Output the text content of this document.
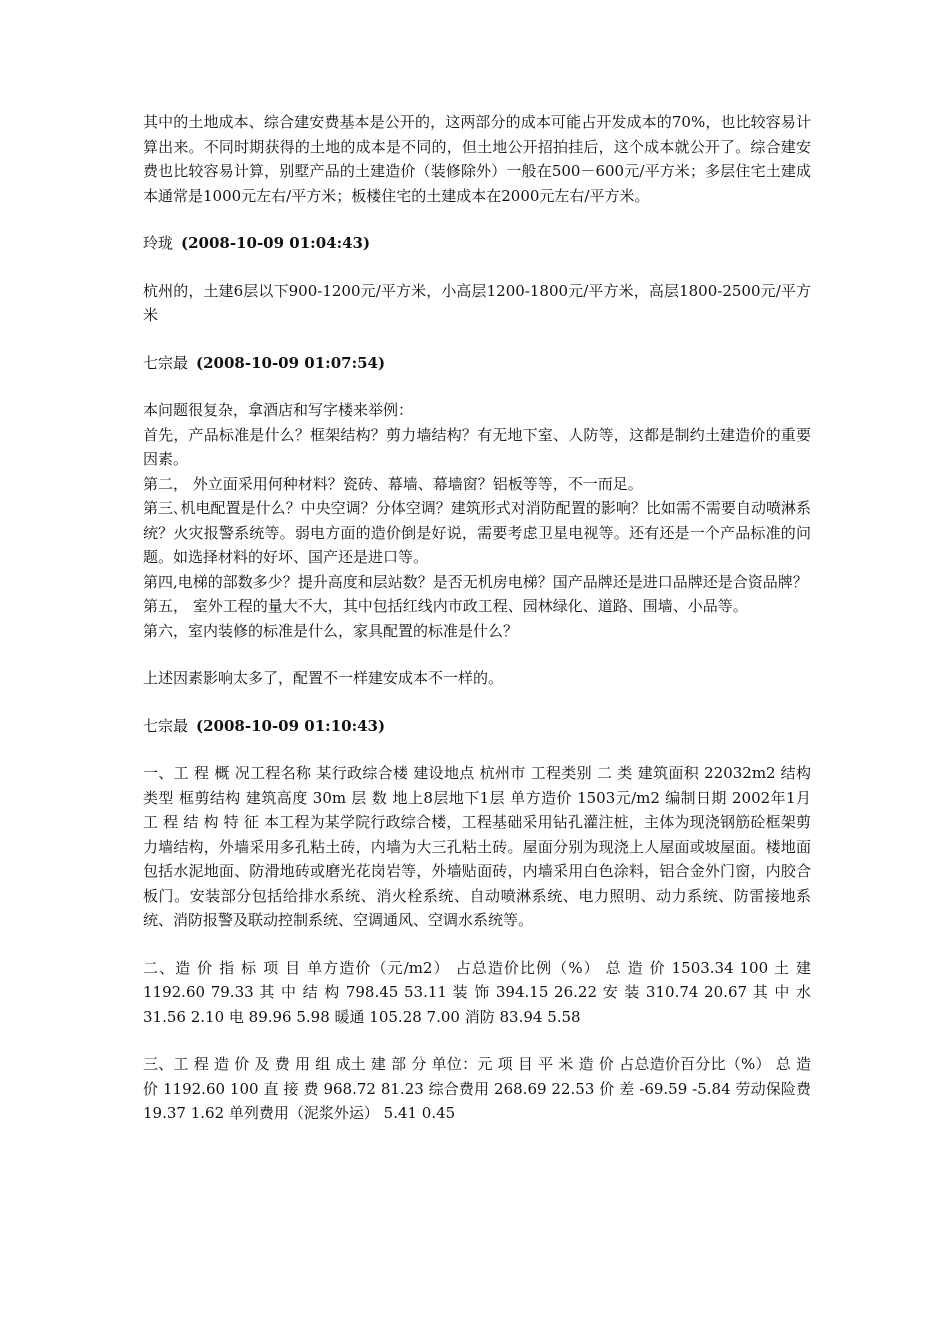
其中的土地成本、综合建安费基本是公开的，这两部分的成本可能占开发成本的70%，也比较容易计算出来。不同时期获得的土地的成本是不同的，但土地公开招拍挂后，这个成本就公开了。综合建安费也比较容易计算，别墅产品的土建造价（装修除外）一般在500－600元/平方米；多层住宅土建成本通常是1000元左右/平方米；板楼住宅的土建成本在2000元左右/平方米。

玲珑 (2008-10-09 01:04:43)

杭州的，土建6层以下900-1200元/平方米，小高层1200-1800元/平方米，高层1800-2500元/平方米

七宗最 (2008-10-09 01:07:54)

本问题很复杂，拿酒店和写字楼来举例：

首先，产品标准是什么？框架结构？剪力墙结构？有无地下室、人防等，这都是制约土建造价的重要因素。

第二， 外立面采用何种材料？瓷砖、幕墙、幕墙窗？铝板等等，不一而足。

第三､机电配置是什么？中央空调？分体空调？建筑形式对消防配置的影响？比如需不需要自动喷淋系统？火灾报警系统等。弱电方面的造价倒是好说，需要考虑卫星电视等。还有还是一个产品标准的问题。如选择材料的好坏、国产还是进口等。

第四,电梯的部数多少？提升高度和层站数？是否无机房电梯？国产品牌还是进口品牌还是合资品牌？

第五， 室外工程的量大不大，其中包括红线内市政工程、园林绿化、道路、围墙、小品等。

第六，室内装修的标准是什么，家具配置的标准是什么？

上述因素影响太多了，配置不一样建安成本不一样的。

七宗最 (2008-10-09 01:10:43)

一、工 程 概 况工程名称 某行政综合楼 建设地点 杭州市 工程类别 二 类 建筑面积 22032m2 结构类型 框剪结构 建筑高度 30m 层 数 地上8层地下1层 单方造价 1503元/m2 编制日期 2002年1月 工 程 结 构 特 征 本工程为某学院行政综合楼，工程基础采用钻孔灌注桩，主体为现浇钢筋砼框架剪力墙结构，外墙采用多孔粘土砖，内墙为大三孔粘土砖。屋面分别为现浇上人屋面或坡屋面。楼地面包括水泥地面、防滑地砖或磨光花岗岩等，外墙贴面砖，内墙采用白色涂料，铝合金外门窗，内胶合板门。安装部分包括给排水系统、消火栓系统、自动喷淋系统、电力照明、动力系统、防雷接地系统、消防报警及联动控制系统、空调通风、空调水系统等。

二、造 价 指 标 项 目 单方造价（元/m2） 占总造价比例（%） 总 造 价 1503.34 100 土 建 1192.60 79.33 其 中 结 构 798.45 53.11 装 饰 394.15 26.22 安 装 310.74 20.67 其 中 水 31.56 2.10 电 89.96 5.98 暖通 105.28 7.00 消防 83.94 5.58

三、工 程 造 价 及 费 用 组 成土 建 部 分 单位：元 项 目 平 米 造 价 占总造价百分比（%） 总 造 价 1192.60 100 直 接 费 968.72 81.23 综合费用 268.69 22.53 价 差 -69.59 -5.84 劳动保险费 19.37 1.62 单列费用（泥浆外运） 5.41 0.45
